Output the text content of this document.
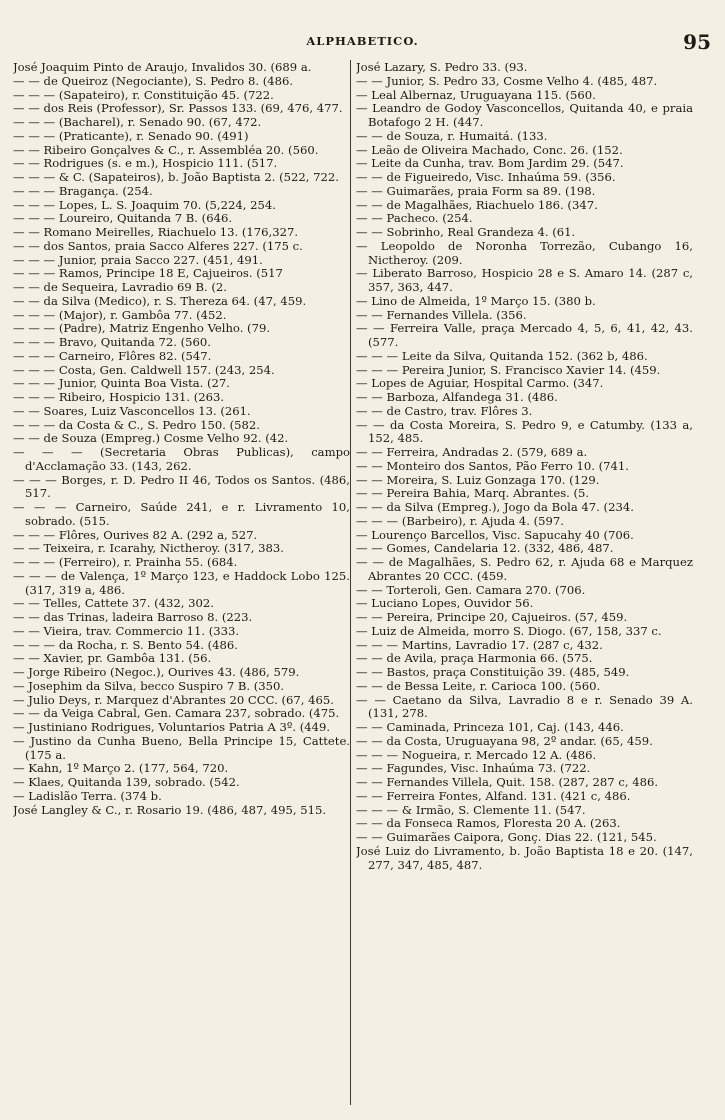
ALPHABETICO.	95

José Joaquim Pinto de Araujo, Invalidos 30. (689 a.

— — de Queiroz (Negociante), S. Pedro 8. (486.

— — — (Sapateiro), r. Constituição 45. (722.

— — dos Reis (Professor), Sr. Passos 133. (69, 476, 477.

— — — (Bacharel), r. Senado 90. (67, 472.

— — — (Praticante), r. Senado 90. (491)

— — Ribeiro Gonçalves & C., r. Assembléa 20. (560.

— — Rodrigues (s. e m.), Hospicio 111. (517.

— — — & C. (Sapateiros), b. João Baptista 2. (522, 722.

— — — Bragança. (254.

— — — Lopes, L. S. Joaquim 70. (5,224, 254.

— — — Loureiro, Quitanda 7 B. (646.

— — Romano Meirelles, Riachuelo 13. (176,327.

— — dos Santos, praia Sacco Alferes 227. (175 c.

— — — Junior, praia Sacco 227. (451, 491.

— — — Ramos, Principe 18 E, Cajueiros. (517

— — de Sequeira, Lavradio 69 B. (2.

— — da Silva (Medico), r. S. Thereza 64. (47, 459.

— — — (Major), r. Gambôa 77. (452.

— — — (Padre), Matriz Engenho Velho. (79.

— — — Bravo, Quitanda 72. (560.

— — — Carneiro, Flôres 82. (547.

— — — Costa, Gen. Caldwell 157. (243, 254.

— — — Junior, Quinta Boa Vista. (27.

— — — Ribeiro, Hospicio 131. (263.

— — Soares, Luiz Vasconcellos 13. (261.

— — — da Costa & C., S. Pedro 150. (582.

— — de Souza (Empreg.) Cosme Velho 92. (42.

— — — (Secretaria Obras Publicas), campo d'Acclamação 33. (143, 262.

— — — Borges, r. D. Pedro II 46, Todos os Santos. (486, 517.

— — — Carneiro, Saúde 241, e r. Livramento 10, sobrado. (515.

— — — Flôres, Ourives 82 A. (292 a, 527.

— — Teixeira, r. Icarahy, Nictheroy. (317, 383.

— — — (Ferreiro), r. Prainha 55. (684.

— — — de Valença, 1º Março 123, e Haddock Lobo 125. (317, 319 a, 486.

— — Telles, Cattete 37. (432, 302.

— — das Trinas, ladeira Barroso 8. (223.

— — Vieira, trav. Commercio 11. (333.

— — — da Rocha, r. S. Bento 54. (486.

— — Xavier, pr. Gambôa 131. (56.

— Jorge Ribeiro (Negoc.), Ourives 43. (486, 579.

— Josephim da Silva, becco Suspiro 7 B. (350.

— Julio Deys, r. Marquez d'Abrantes 20 CCC. (67, 465.

— — da Veiga Cabral, Gen. Camara 237, sobrado. (475.

— Justiniano Rodrigues, Voluntarios Patria A 3º. (449.

— Justino da Cunha Bueno, Bella Principe 15, Cattete. (175 a.

— Kahn, 1º Março 2. (177, 564, 720.

— Klaes, Quitanda 139, sobrado. (542.

— Ladislão Terra. (374 b.

José Langley & C., r. Rosario 19. (486, 487, 495, 515.

José Lazary, S. Pedro 33. (93.

— — Junior, S. Pedro 33, Cosme Velho 4. (485, 487.

— Leal Albernaz, Uruguayana 115. (560.

— Leandro de Godoy Vasconcellos, Quitanda 40, e praia Botafogo 2 H. (447.

— — de Souza, r. Humaitá. (133.

— Leão de Oliveira Machado, Conc. 26. (152.

— Leite da Cunha, trav. Bom Jardim 29. (547.

— — de Figueiredo, Visc. Inhaúma 59. (356.

— — Guimarães, praia Form sa 89. (198.

— — de Magalhães, Riachuelo 186. (347.

— — Pacheco. (254.

— — Sobrinho, Real Grandeza 4. (61.

— Leopoldo de Noronha Torrezão, Cubango 16, Nictheroy. (209.

— Liberato Barroso, Hospicio 28 e S. Amaro 14. (287 c, 357, 363, 447.

— Lino de Almeida, 1º Março 15. (380 b.

— — Fernandes Villela. (356.

— — Ferreira Valle, praça Mercado 4, 5, 6, 41, 42, 43. (577.

— — — Leite da Silva, Quitanda 152. (362 b, 486.

— — — Pereira Junior, S. Francisco Xavier 14. (459.

— Lopes de Aguiar, Hospital Carmo. (347.

— — Barboza, Alfandega 31. (486.

— — de Castro, trav. Flôres 3.

— — da Costa Moreira, S. Pedro 9, e Catumby. (133 a, 152, 485.

— — Ferreira, Andradas 2. (579, 689 a.

— — Monteiro dos Santos, Pão Ferro 10. (741.

— — Moreira, S. Luiz Gonzaga 170. (129.

— — Pereira Bahia, Marq. Abrantes. (5.

— — da Silva (Empreg.), Jogo da Bola 47. (234.

— — — (Barbeiro), r. Ajuda 4. (597.

— Lourenço Barcellos, Visc. Sapucahy 40 (706.

— — Gomes, Candelaria 12. (332, 486, 487.

— — de Magalhães, S. Pedro 62, r. Ajuda 68 e Marquez Abrantes 20 CCC. (459.

— — Torteroli, Gen. Camara 270. (706.

— Luciano Lopes, Ouvidor 56.

— — Pereira, Principe 20, Cajueiros. (57, 459.

— Luiz de Almeida, morro S. Diogo. (67, 158, 337 c.

— — — Martins, Lavradio 17. (287 c, 432.

— — de Avila, praça Harmonia 66. (575.

— — Bastos, praça Constituição 39. (485, 549.

— — de Bessa Leite, r. Carioca 100. (560.

— — Caetano da Silva, Lavradio 8 e r. Senado 39 A. (131, 278.

— — Caminada, Princeza 101, Caj. (143, 446.

— — da Costa, Uruguayana 98, 2º andar. (65, 459.

— — — Nogueira, r. Mercado 12 A. (486.

— — Fagundes, Visc. Inhaúma 73. (722.

— — Fernandes Villela, Quit. 158. (287, 287 c, 486.

— — Ferreira Fontes, Alfand. 131. (421 c, 486.

— — — & Irmão, S. Clemente 11. (547.

— — da Fonseca Ramos, Floresta 20 A. (263.

— — Guimarães Caipora, Gonç. Dias 22. (121, 545.

José Luiz do Livramento, b. João Baptista 18 e 20. (147, 277, 347, 485, 487.
